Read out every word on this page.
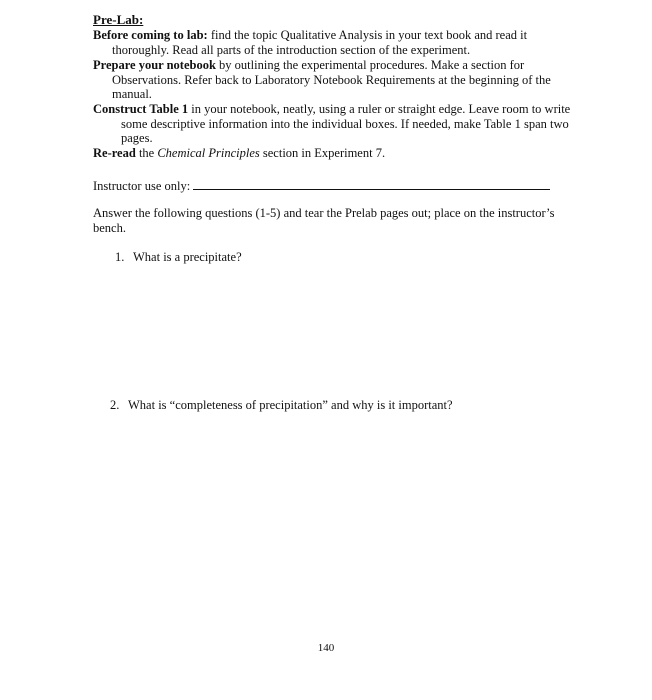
Pre-Lab:
Before coming to lab: find the topic Qualitative Analysis in your text book and read it thoroughly. Read all parts of the introduction section of the experiment.
Prepare your notebook by outlining the experimental procedures. Make a section for Observations. Refer back to Laboratory Notebook Requirements at the beginning of the manual.
Construct Table 1 in your notebook, neatly, using a ruler or straight edge. Leave room to write some descriptive information into the individual boxes. If needed, make Table 1 span two pages.
Re-read the Chemical Principles section in Experiment 7.
Instructor use only:
Answer the following questions (1-5) and tear the Prelab pages out; place on the instructor’s bench.
1. What is a precipitate?
2. What is “completeness of precipitation” and why is it important?
140
